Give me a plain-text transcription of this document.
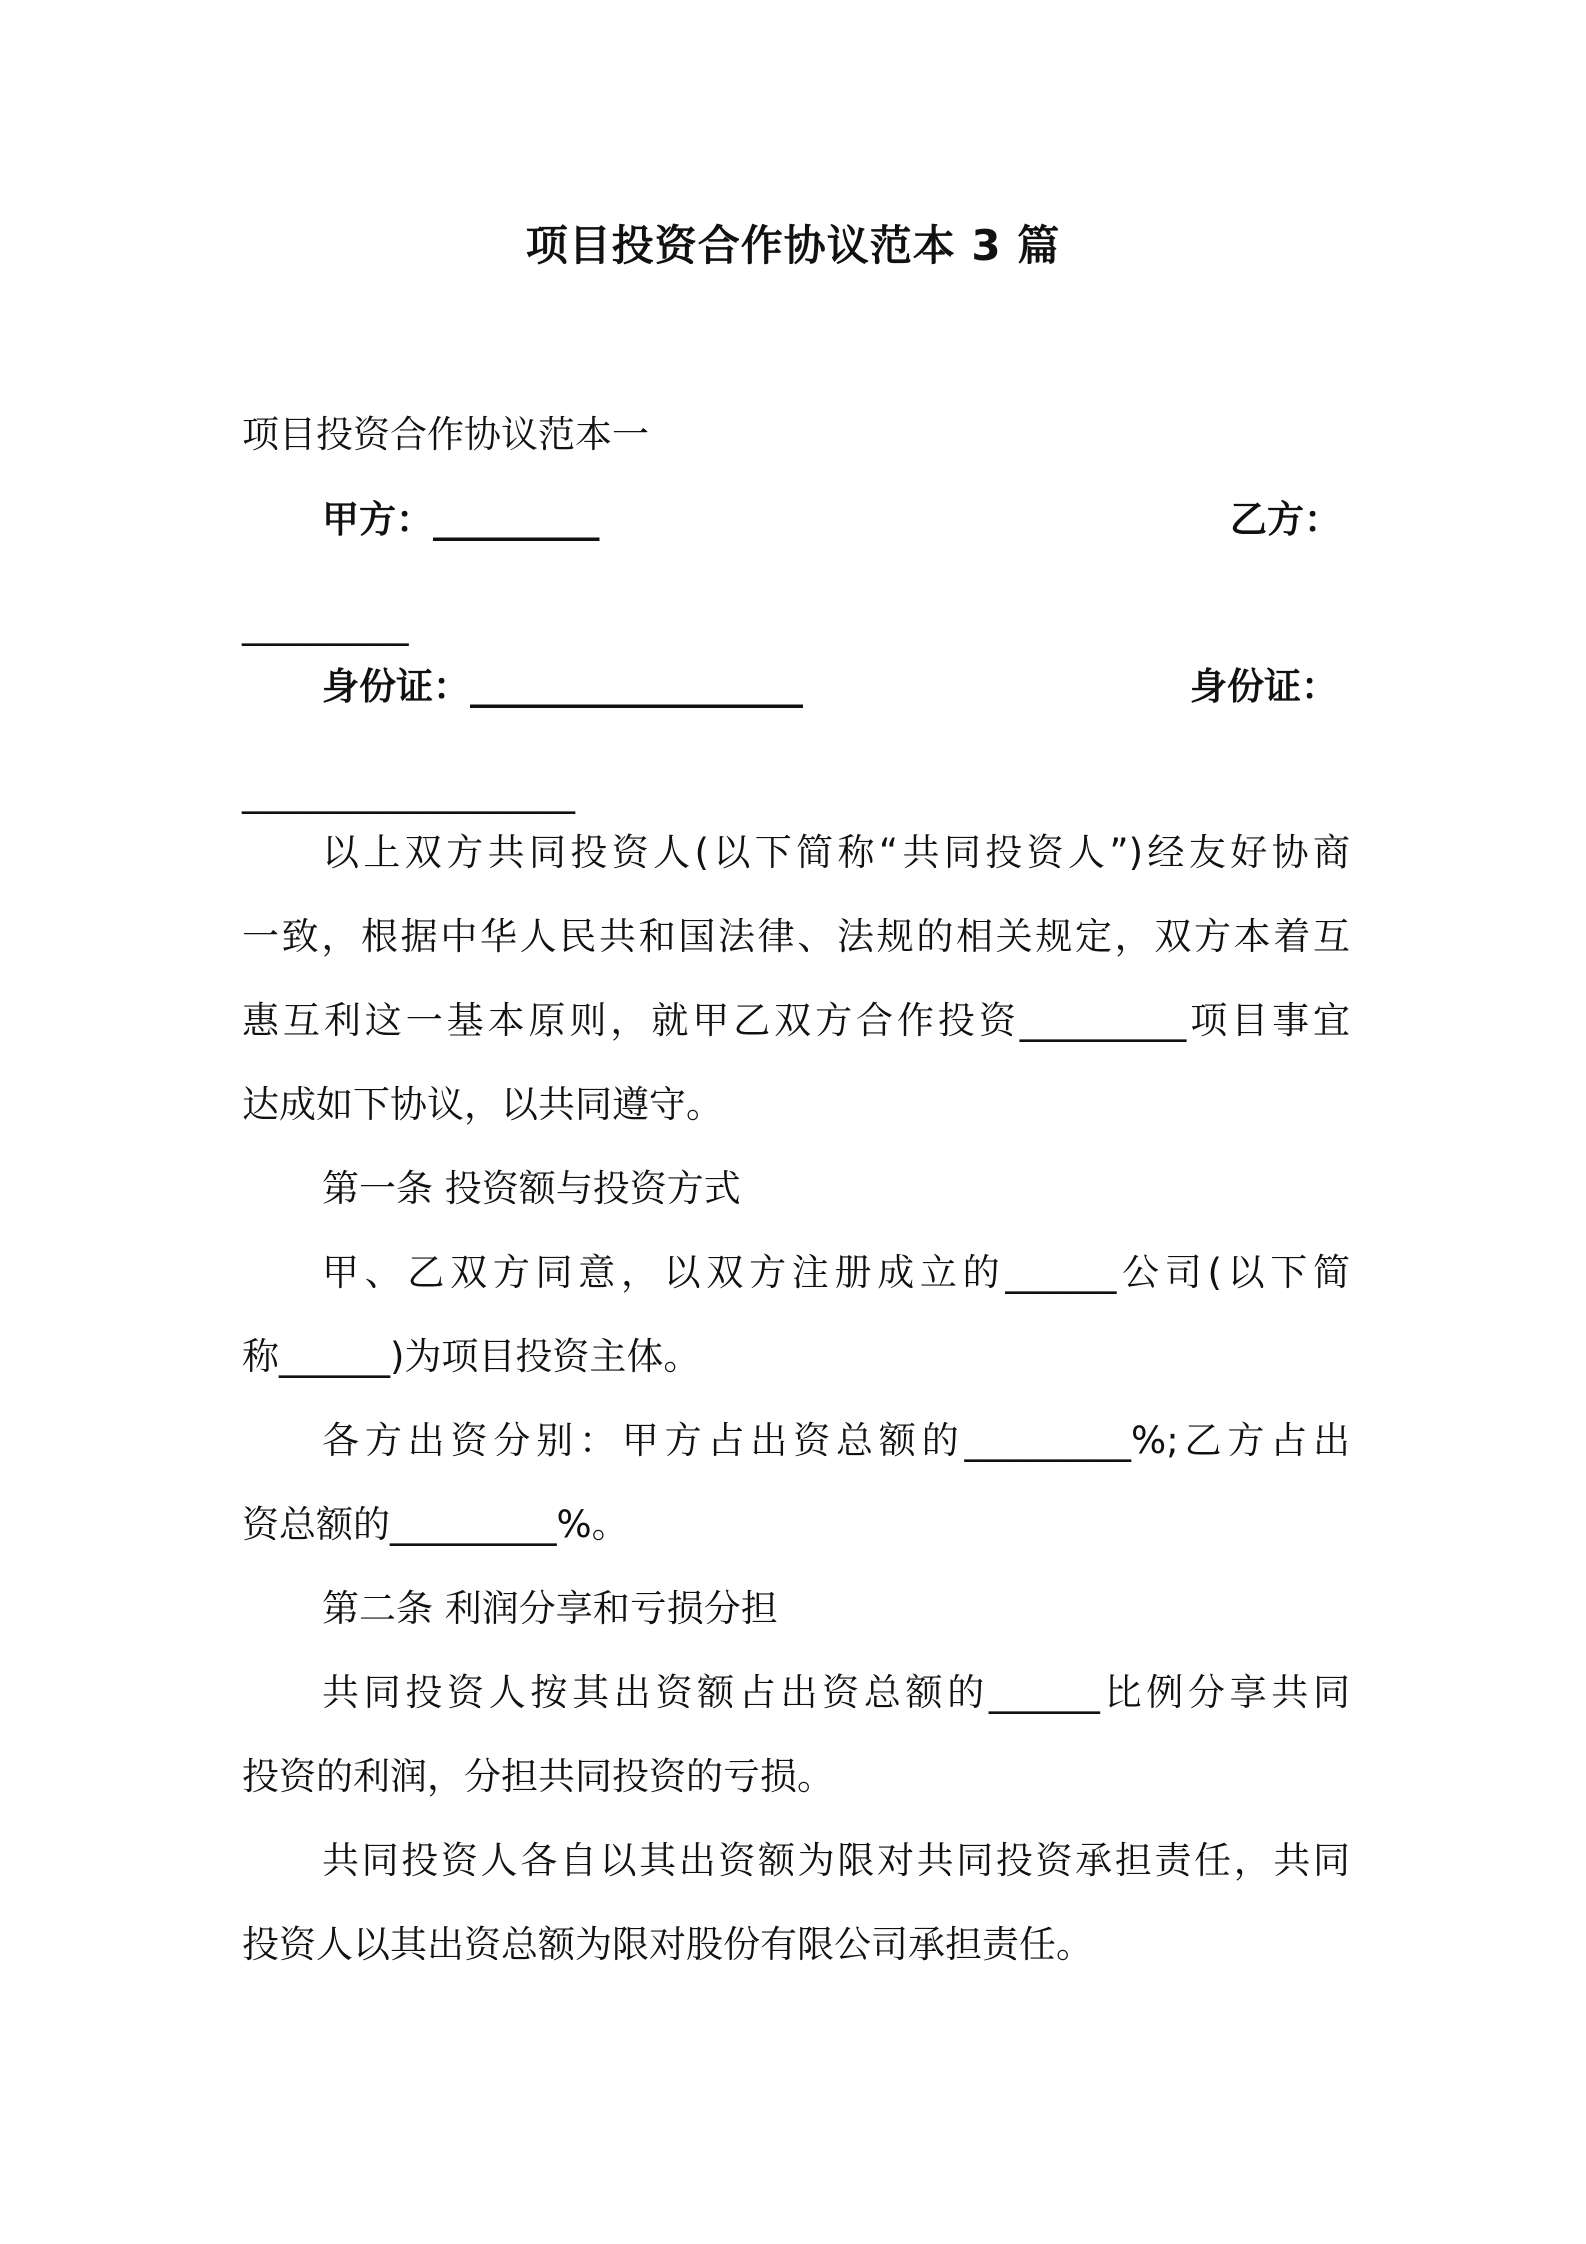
项目投资合作协议范本 3 篇
项目投资合作协议范本一
甲方：_________	乙方：
_________
身份证：__________________	身份证：
__________________
以上双方共同投资人(以下简称“共同投资人”)经友好协商
一致，根据中华人民共和国法律、法规的相关规定，双方本着互
惠互利这一基本原则，就甲乙双方合作投资_________项目事宜
达成如下协议，以共同遵守。
第一条 投资额与投资方式
甲、乙双方同意，以双方注册成立的______公司(以下简
称______)为项目投资主体。
各方出资分别：甲方占出资总额的_________%;乙方占出
资总额的_________%。
第二条 利润分享和亏损分担
共同投资人按其出资额占出资总额的______比例分享共同
投资的利润，分担共同投资的亏损。
共同投资人各自以其出资额为限对共同投资承担责任，共同
投资人以其出资总额为限对股份有限公司承担责任。
